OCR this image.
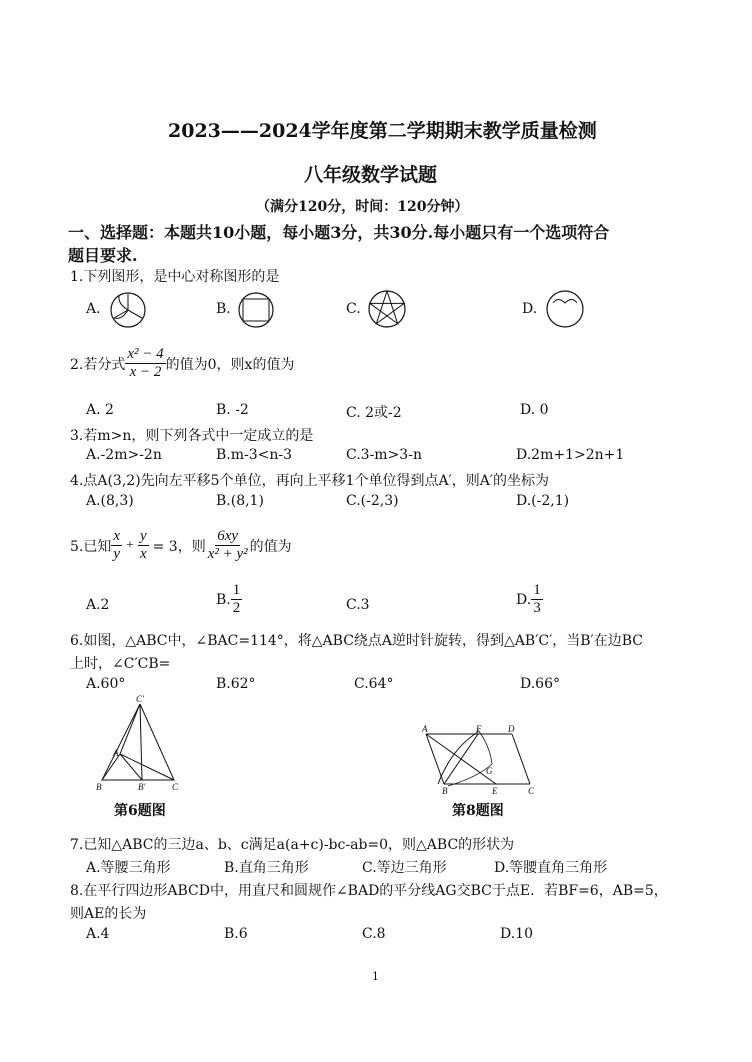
2023——2024学年度第二学期期末教学质量检测
八年级数学试题
（满分120分，时间：120分钟）
一、选择题：本题共10小题，每小题3分，共30分.每小题只有一个选项符合
题目要求.
1.下列图形，是中心对称图形的是
A.	B.	C.	D.
2.若分式 $\frac{\text{x² − 4}}{x - 2}$ 的值为0，则x的值为
A. 2	B. -2	C. 2或-2	D. 0
3.若m>n，则下列各式中一定成立的是
A.-2m>-2n	B.m-3<n-3	C.3-m>3-n	D.2m+1>2n+1
4.点A(3,2)先向左平移5个单位，再向上平移1个单位得到点A′，则A′的坐标为
A.(8,3)	B.(8,1)	C.(-2,3)	D.(-2,1)
5.已知 $\frac{x}{y} + \frac{y}{x} = 3$，则 $\frac{6xy}{\text{x² + y²}}$ 的值为
A.2	B. $\frac{1}{2}$	C.3	D. $\frac{1}{3}$
6.如图，△ABC中，∠BAC=114°，将△ABC绕点A逆时针旋转，得到△AB′C′，当B′在边BC
上时，∠C′CB=
A.60°	B.62°	C.64°	D.66°
C′
A
B	B′	C
第6题图
A	F	D
G
B	E	C
第8题图
7.已知△ABC的三边a、b、c满足a(a+c)-bc-ab=0，则△ABC的形状为
A.等腰三角形	B.直角三角形	C.等边三角形	D.等腰直角三角形
8.在平行四边形ABCD中，用直尺和圆规作∠BAD的平分线AG交BC于点E．若BF=6，AB=5，
则AE的长为
A.4	B.6	C.8	D.10
1
